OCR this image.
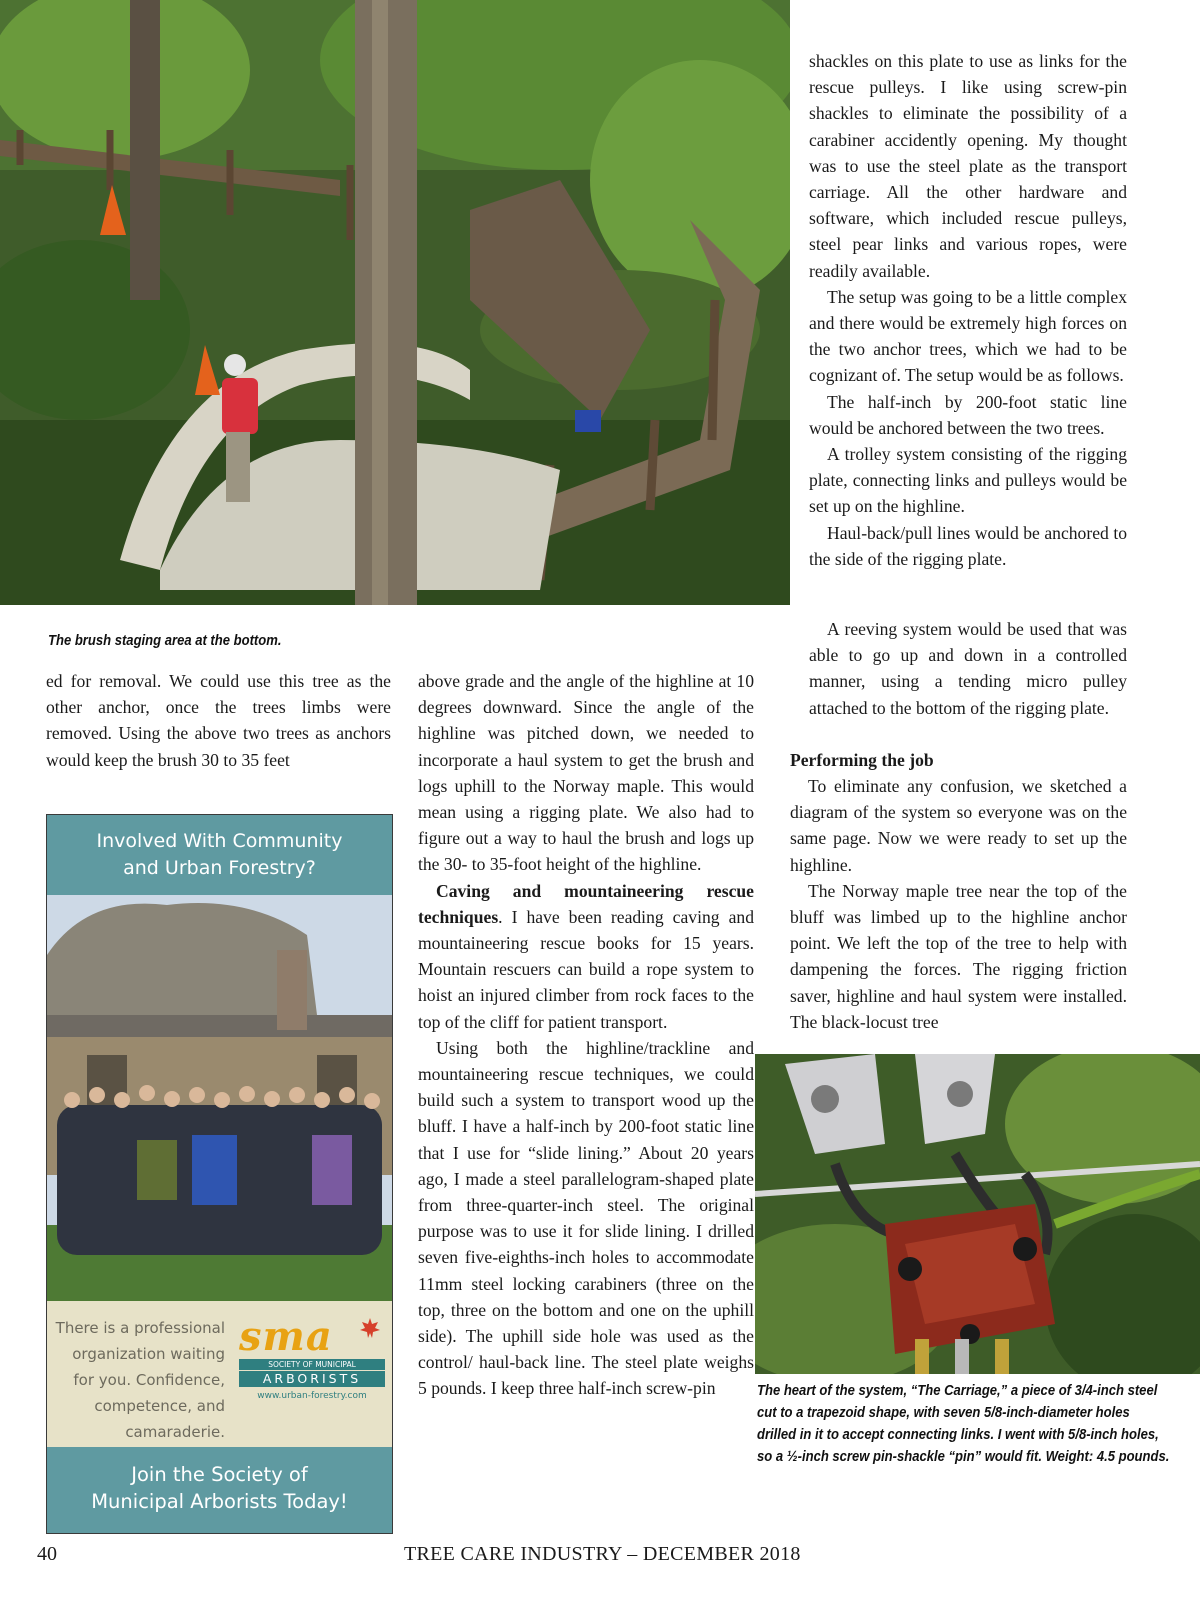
The brush staging area at the bottom.

ed for removal. We could use this tree as the other anchor, once the trees limbs were removed. Using the above two trees as anchors would keep the brush 30 to 35 feet

Involved With Community
and Urban Forestry?
There is a professional
organization waiting
for you. Confidence,
competence, and
camaraderie.
sma
SOCIETY OF MUNICIPAL
ARBORISTS
www.urban-forestry.com
Join the Society of
Municipal Arborists Today!

above grade and the angle of the highline at 10 degrees downward. Since the angle of the highline was pitched down, we needed to incorporate a haul system to get the brush and logs uphill to the Norway maple. This would mean using a rigging plate. We also had to figure out a way to haul the brush and logs up the 30- to 35-foot height of the highline.

Caving and mountaineering rescue techniques. I have been reading caving and mountaineering rescue books for 15 years. Mountain rescuers can build a rope system to hoist an injured climber from rock faces to the top of the cliff for patient transport.

Using both the highline/trackline and mountaineering rescue techniques, we could build such a system to transport wood up the bluff. I have a half-inch by 200-foot static line that I use for “slide lining.” About 20 years ago, I made a steel parallelogram-shaped plate from three-quarter-inch steel. The original purpose was to use it for slide lining. I drilled seven five-eighths-inch holes to accommodate 11mm steel locking carabiners (three on the top, three on the bottom and one on the uphill side). The uphill side hole was used as the control/ haul-back line. The steel plate weighs 5 pounds. I keep three half-inch screw-pin

shackles on this plate to use as links for the rescue pulleys. I like using screw-pin shackles to eliminate the possibility of a carabiner accidently opening. My thought was to use the steel plate as the transport carriage. All the other hardware and software, which included rescue pulleys, steel pear links and various ropes, were readily available.

The setup was going to be a little complex and there would be extremely high forces on the two anchor trees, which we had to be cognizant of. The setup would be as follows.

The half-inch by 200-foot static line would be anchored between the two trees.

A trolley system consisting of the rigging plate, connecting links and pulleys would be set up on the highline.

Haul-back/pull lines would be anchored to the side of the rigging plate.

A reeving system would be used that was able to go up and down in a controlled manner, using a tending micro pulley attached to the bottom of the rigging plate.

Performing the job

To eliminate any confusion, we sketched a diagram of the system so everyone was on the same page. Now we were ready to set up the highline.

The Norway maple tree near the top of the bluff was limbed up to the highline anchor point. We left the top of the tree to help with dampening the forces. The rigging friction saver, highline and haul system were installed. The black-locust tree

The heart of the system, “The Carriage,” a piece of 3/4-inch steel cut to a trapezoid shape, with seven 5/8-inch-diameter holes drilled in it to accept connecting links. I went with 5/8-inch holes, so a ½-inch screw pin-shackle “pin” would fit. Weight: 4.5 pounds.
40	TREE CARE INDUSTRY – DECEMBER 2018
